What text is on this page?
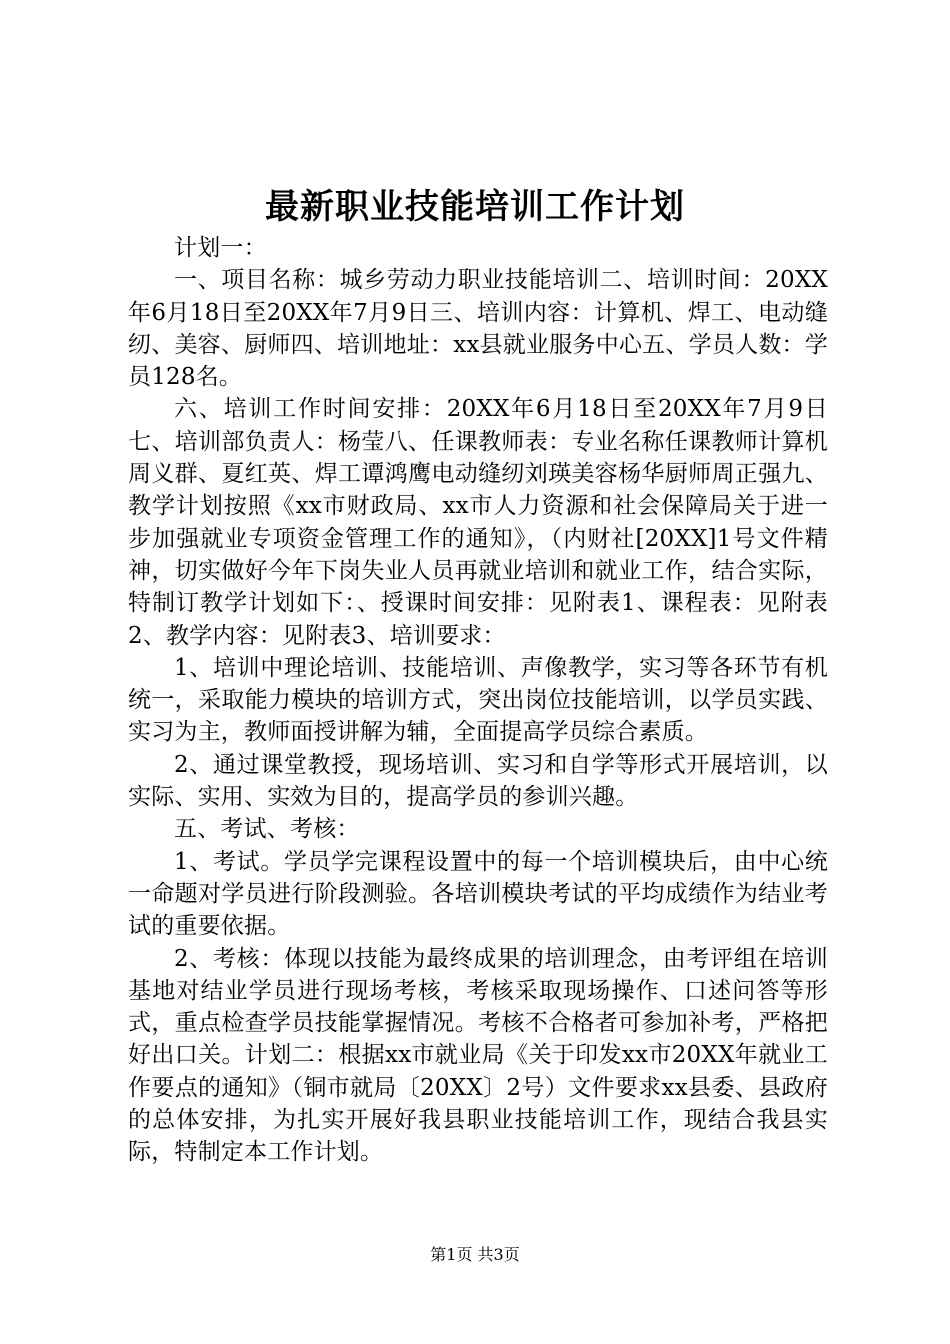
最新职业技能培训工作计划

计划一：

一、项目名称：城乡劳动力职业技能培训二、培训时间：20XX年6月18日至20XX年7月9日三、培训内容：计算机、焊工、电动缝纫、美容、厨师四、培训地址：xx县就业服务中心五、学员人数：学员128名。

六、培训工作时间安排：20XX年6月18日至20XX年7月9日七、培训部负责人：杨莹八、任课教师表：专业名称任课教师计算机周义群、夏红英、焊工谭鸿鹰电动缝纫刘瑛美容杨华厨师周正强九、教学计划按照《xx市财政局、xx市人力资源和社会保障局关于进一步加强就业专项资金管理工作的通知》，（内财社[20XX]1号文件精神，切实做好今年下岗失业人员再就业培训和就业工作，结合实际，特制订教学计划如下：、授课时间安排：见附表1、课程表：见附表2、教学内容：见附表3、培训要求：

1、培训中理论培训、技能培训、声像教学，实习等各环节有机统一，采取能力模块的培训方式，突出岗位技能培训，以学员实践、实习为主，教师面授讲解为辅，全面提高学员综合素质。

2、通过课堂教授，现场培训、实习和自学等形式开展培训，以实际、实用、实效为目的，提高学员的参训兴趣。

五、考试、考核：

1、考试。学员学完课程设置中的每一个培训模块后，由中心统一命题对学员进行阶段测验。各培训模块考试的平均成绩作为结业考试的重要依据。

2、考核：体现以技能为最终成果的培训理念，由考评组在培训基地对结业学员进行现场考核，考核采取现场操作、口述问答等形式，重点检查学员技能掌握情况。考核不合格者可参加补考，严格把好出口关。计划二：根据xx市就业局《关于印发xx市20XX年就业工作要点的通知》（铜市就局〔20XX〕2号）文件要求xx县委、县政府的总体安排，为扎实开展好我县职业技能培训工作，现结合我县实际，特制定本工作计划。

第1页 共3页
